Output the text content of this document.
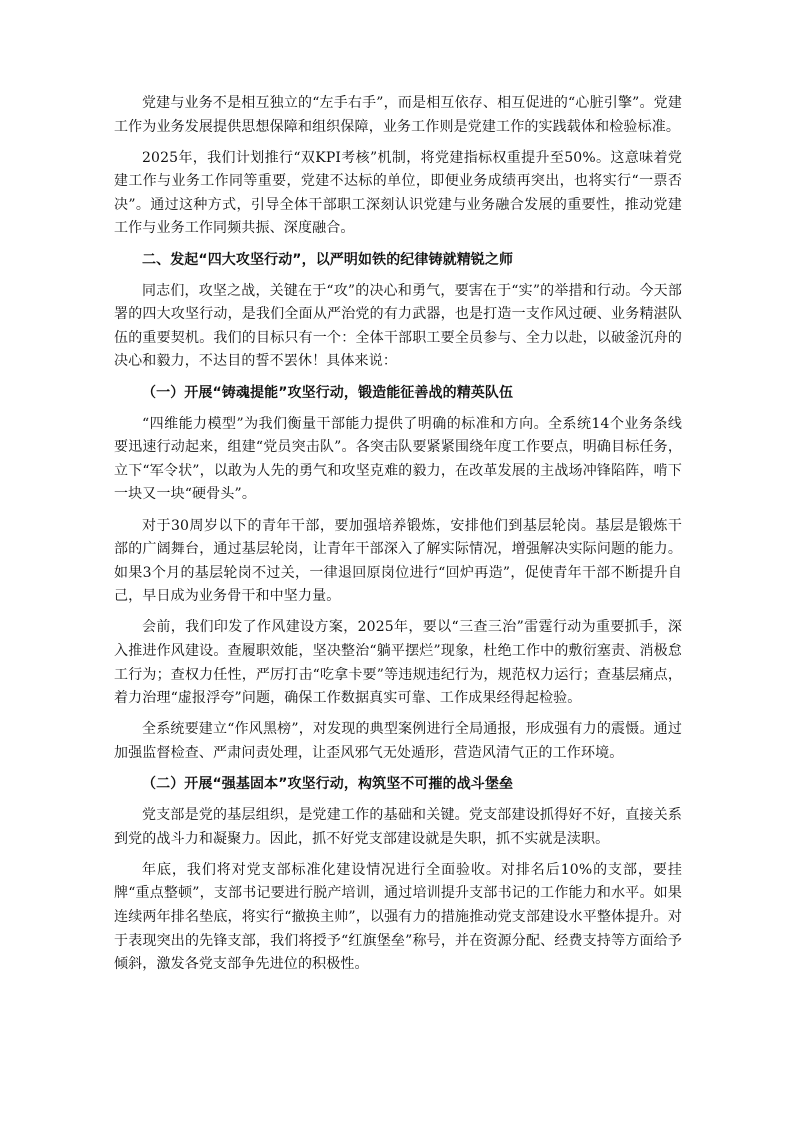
党建与业务不是相互独立的“左手右手”，而是相互依存、相互促进的“心脏引擎”。党建工作为业务发展提供思想保障和组织保障，业务工作则是党建工作的实践载体和检验标准。

2025年，我们计划推行“双KPI考核”机制，将党建指标权重提升至50%。这意味着党建工作与业务工作同等重要，党建不达标的单位，即便业务成绩再突出，也将实行“一票否决”。通过这种方式，引导全体干部职工深刻认识党建与业务融合发展的重要性，推动党建工作与业务工作同频共振、深度融合。

二、发起“四大攻坚行动”，以严明如铁的纪律铸就精锐之师

同志们，攻坚之战，关键在于“攻”的决心和勇气，要害在于“实”的举措和行动。今天部署的四大攻坚行动，是我们全面从严治党的有力武器，也是打造一支作风过硬、业务精湛队伍的重要契机。我们的目标只有一个：全体干部职工要全员参与、全力以赴，以破釜沉舟的决心和毅力，不达目的誓不罢休！具体来说：

（一）开展“铸魂提能”攻坚行动，锻造能征善战的精英队伍

“四维能力模型”为我们衡量干部能力提供了明确的标准和方向。全系统14个业务条线要迅速行动起来，组建“党员突击队”。各突击队要紧紧围绕年度工作要点，明确目标任务，立下“军令状”，以敢为人先的勇气和攻坚克难的毅力，在改革发展的主战场冲锋陷阵，啃下一块又一块“硬骨头”。

对于30周岁以下的青年干部，要加强培养锻炼，安排他们到基层轮岗。基层是锻炼干部的广阔舞台，通过基层轮岗，让青年干部深入了解实际情况，增强解决实际问题的能力。如果3个月的基层轮岗不过关，一律退回原岗位进行“回炉再造”，促使青年干部不断提升自己，早日成为业务骨干和中坚力量。

会前，我们印发了作风建设方案，2025年，要以“三查三治”雷霆行动为重要抓手，深入推进作风建设。查履职效能，坚决整治“躺平摆烂”现象，杜绝工作中的敷衍塞责、消极怠工行为；查权力任性，严厉打击“吃拿卡要”等违规违纪行为，规范权力运行；查基层痛点，着力治理“虚报浮夸”问题，确保工作数据真实可靠、工作成果经得起检验。

全系统要建立“作风黑榜”，对发现的典型案例进行全局通报，形成强有力的震慑。通过加强监督检查、严肃问责处理，让歪风邪气无处遁形，营造风清气正的工作环境。

（二）开展“强基固本”攻坚行动，构筑坚不可摧的战斗堡垒

党支部是党的基层组织，是党建工作的基础和关键。党支部建设抓得好不好，直接关系到党的战斗力和凝聚力。因此，抓不好党支部建设就是失职，抓不实就是渎职。

年底，我们将对党支部标准化建设情况进行全面验收。对排名后10%的支部，要挂牌“重点整顿”，支部书记要进行脱产培训，通过培训提升支部书记的工作能力和水平。如果连续两年排名垫底，将实行“撤换主帅”，以强有力的措施推动党支部建设水平整体提升。对于表现突出的先锋支部，我们将授予“红旗堡垒”称号，并在资源分配、经费支持等方面给予倾斜，激发各党支部争先进位的积极性。
